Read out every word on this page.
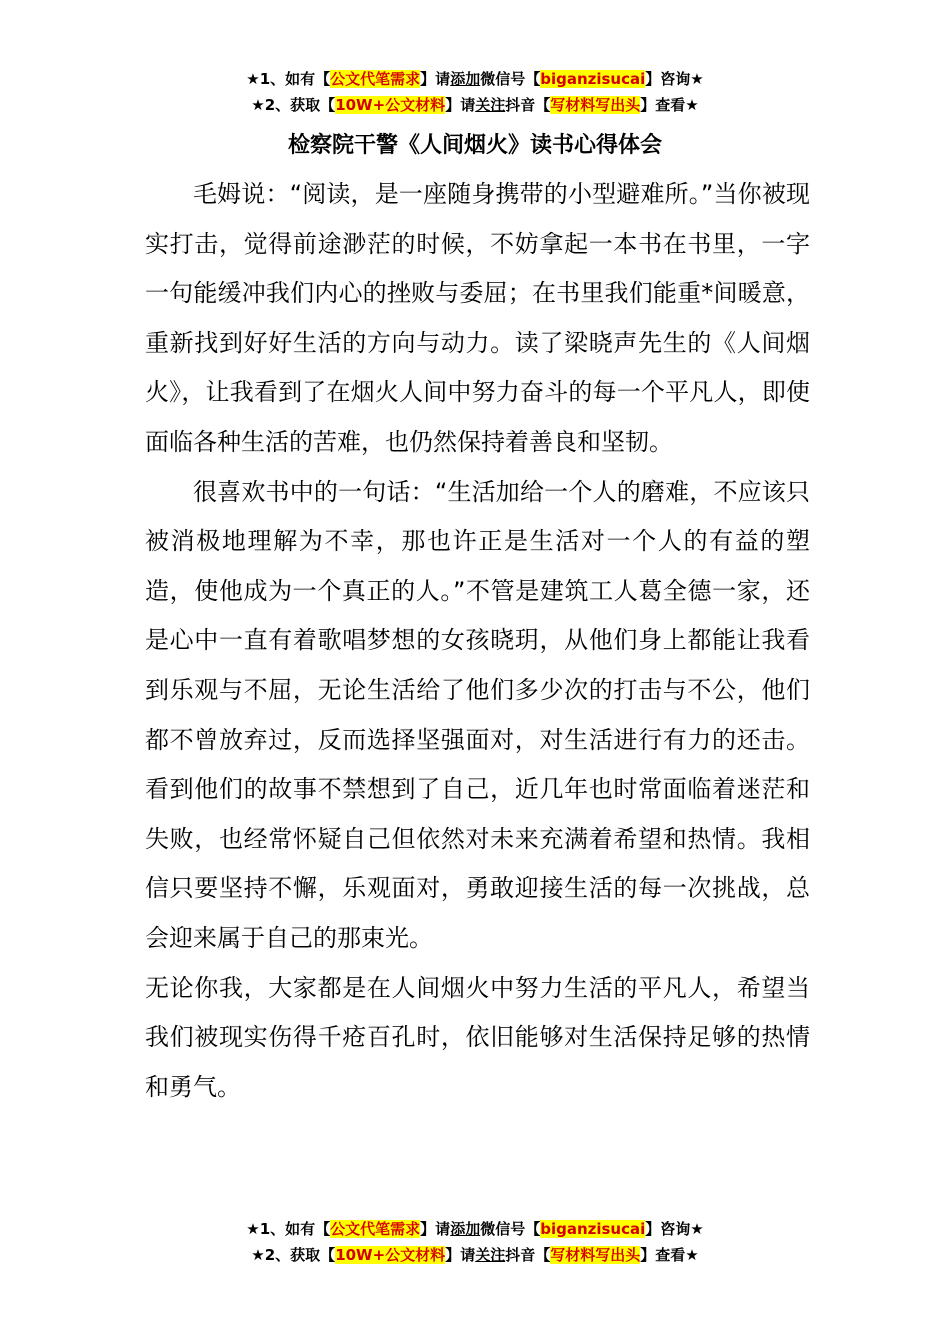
★1、如有【公文代笔需求】请添加微信号【biganzisucai】咨询★
★2、获取【10W+公文材料】请关注抖音【写材料写出头】查看★
检察院干警《人间烟火》读书心得体会

毛姆说：“阅读，是一座随身携带的小型避难所。”当你被现实打击，觉得前途渺茫的时候，不妨拿起一本书在书里，一字一句能缓冲我们内心的挫败与委屈；在书里我们能重*间暖意，重新找到好好生活的方向与动力。读了梁晓声先生的《人间烟火》，让我看到了在烟火人间中努力奋斗的每一个平凡人，即使面临各种生活的苦难，也仍然保持着善良和坚韧。

很喜欢书中的一句话：“生活加给一个人的磨难，不应该只被消极地理解为不幸，那也许正是生活对一个人的有益的塑造，使他成为一个真正的人。”不管是建筑工人葛全德一家，还是心中一直有着歌唱梦想的女孩晓玥，从他们身上都能让我看到乐观与不屈，无论生活给了他们多少次的打击与不公，他们都不曾放弃过，反而选择坚强面对，对生活进行有力的还击。看到他们的故事不禁想到了自己，近几年也时常面临着迷茫和失败，也经常怀疑自己但依然对未来充满着希望和热情。我相信只要坚持不懈，乐观面对，勇敢迎接生活的每一次挑战，总会迎来属于自己的那束光。

无论你我，大家都是在人间烟火中努力生活的平凡人，希望当我们被现实伤得千疮百孔时，依旧能够对生活保持足够的热情和勇气。

★1、如有【公文代笔需求】请添加微信号【biganzisucai】咨询★
★2、获取【10W+公文材料】请关注抖音【写材料写出头】查看★
